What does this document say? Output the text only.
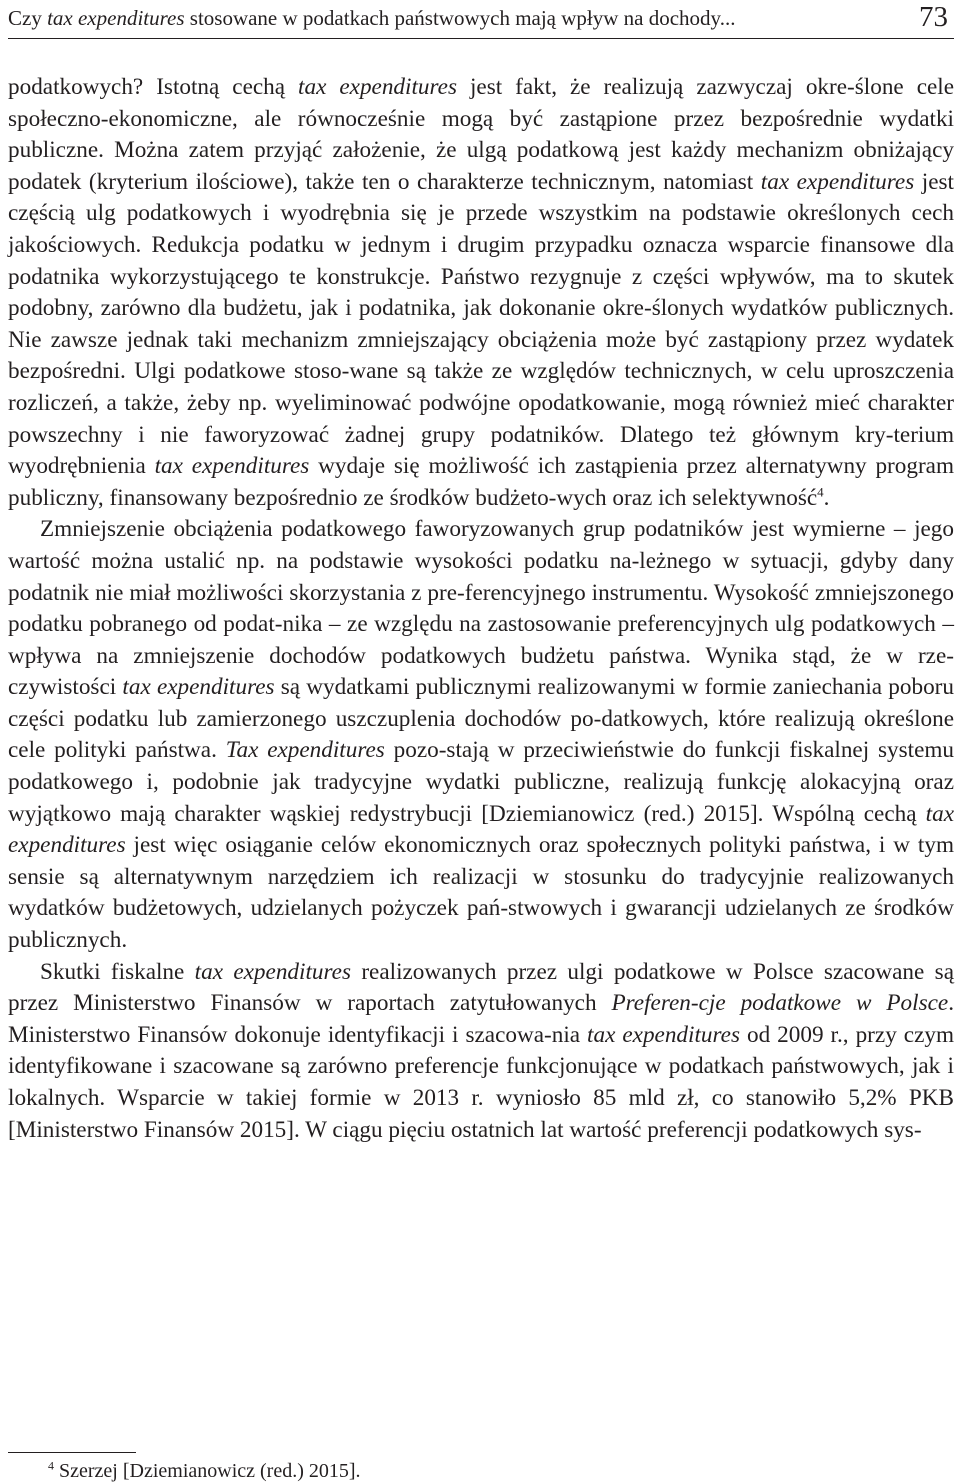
Czy tax expenditures stosowane w podatkach państwowych mają wpływ na dochody...	73

podatkowych? Istotną cechą tax expenditures jest fakt, że realizują zazwyczaj okre-​ślone cele społeczno-ekonomiczne, ale równocześnie mogą być zastąpione przez bezpośrednie wydatki publiczne. Można zatem przyjąć założenie, że ulgą podatkową jest każdy mechanizm obniżający podatek (kryterium ilościowe), także ten o charakterze technicznym, natomiast tax expenditures jest częścią ulg podatkowych i wyodrębnia się je przede wszystkim na podstawie określonych cech jakościowych. Redukcja podatku w jednym i drugim przypadku oznacza wsparcie finansowe dla podatnika wykorzystującego te konstrukcje. Państwo rezygnuje z części wpływów, ma to skutek podobny, zarówno dla budżetu, jak i podatnika, jak dokonanie okre-​ślonych wydatków publicznych. Nie zawsze jednak taki mechanizm zmniejszający obciążenia może być zastąpiony przez wydatek bezpośredni. Ulgi podatkowe stoso-​wane są także ze względów technicznych, w celu uproszczenia rozliczeń, a także, żeby np. wyeliminować podwójne opodatkowanie, mogą również mieć charakter powszechny i nie faworyzować żadnej grupy podatników. Dlatego też głównym kry-​terium wyodrębnienia tax expenditures wydaje się możliwość ich zastąpienia przez alternatywny program publiczny, finansowany bezpośrednio ze środków budżeto-​wych oraz ich selektywność$^4$.

Zmniejszenie obciążenia podatkowego faworyzowanych grup podatników jest wymierne – jego wartość można ustalić np. na podstawie wysokości podatku na-​leżnego w sytuacji, gdyby dany podatnik nie miał możliwości skorzystania z pre-​ferencyjnego instrumentu. Wysokość zmniejszonego podatku pobranego od podat-​nika – ze względu na zastosowanie preferencyjnych ulg podatkowych – wpływa na zmniejszenie dochodów podatkowych budżetu państwa. Wynika stąd, że w rze-​czywistości tax expenditures są wydatkami publicznymi realizowanymi w formie zaniechania poboru części podatku lub zamierzonego uszczuplenia dochodów po-​datkowych, które realizują określone cele polityki państwa. Tax expenditures pozo-​stają w przeciwieństwie do funkcji fiskalnej systemu podatkowego i, podobnie jak tradycyjne wydatki publiczne, realizują funkcję alokacyjną oraz wyjątkowo mają charakter wąskiej redystrybucji [Dziemianowicz (red.) 2015]. Wspólną cechą tax expenditures jest więc osiąganie celów ekonomicznych oraz społecznych polityki państwa, i w tym sensie są alternatywnym narzędziem ich realizacji w stosunku do tradycyjnie realizowanych wydatków budżetowych, udzielanych pożyczek pań-​stwowych i gwarancji udzielanych ze środków publicznych.

Skutki fiskalne tax expenditures realizowanych przez ulgi podatkowe w Polsce szacowane są przez Ministerstwo Finansów w raportach zatytułowanych Preferen-​cje podatkowe w Polsce. Ministerstwo Finansów dokonuje identyfikacji i szacowa-​nia tax expenditures od 2009 r., przy czym identyfikowane i szacowane są zarówno preferencje funkcjonujące w podatkach państwowych, jak i lokalnych. Wsparcie w takiej formie w 2013 r. wyniosło 85 mld zł, co stanowiło 5,2% PKB [Ministerstwo Finansów 2015]. W ciągu pięciu ostatnich lat wartość preferencji podatkowych sys-

$^4$ Szerzej [Dziemianowicz (red.) 2015].
